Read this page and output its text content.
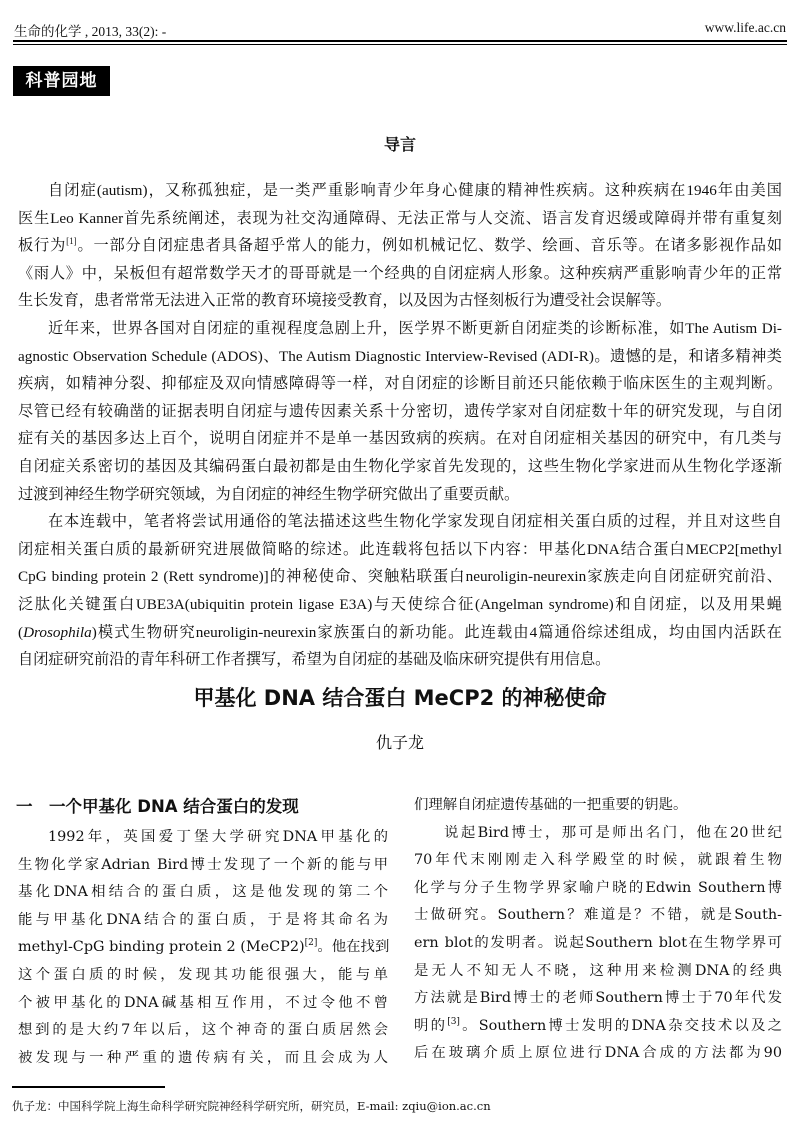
生命的化学 , 2013, 33(2): -	www.life.ac.cn
科普园地
导言
自闭症(autism)，又称孤独症，是一类严重影响青少年身心健康的精神性疾病。这种疾病在1946年由美国
医生Leo Kanner首先系统阐述，表现为社交沟通障碍、无法正常与人交流、语言发育迟缓或障碍并带有重复刻
板行为[1]。一部分自闭症患者具备超乎常人的能力，例如机械记忆、数学、绘画、音乐等。在诸多影视作品如
《雨人》中，呆板但有超常数学天才的哥哥就是一个经典的自闭症病人形象。这种疾病严重影响青少年的正常
生长发育，患者常常无法进入正常的教育环境接受教育，以及因为古怪刻板行为遭受社会误解等。
近年来，世界各国对自闭症的重视程度急剧上升，医学界不断更新自闭症类的诊断标准，如The Autism Di-
agnostic Observation Schedule (ADOS)、The Autism Diagnostic Interview-Revised (ADI-R)。遗憾的是，和诸多精神类
疾病，如精神分裂、抑郁症及双向情感障碍等一样，对自闭症的诊断目前还只能依赖于临床医生的主观判断。
尽管已经有较确凿的证据表明自闭症与遗传因素关系十分密切，遗传学家对自闭症数十年的研究发现，与自闭
症有关的基因多达上百个，说明自闭症并不是单一基因致病的疾病。在对自闭症相关基因的研究中，有几类与
自闭症关系密切的基因及其编码蛋白最初都是由生物化学家首先发现的，这些生物化学家进而从生物化学逐渐
过渡到神经生物学研究领域，为自闭症的神经生物学研究做出了重要贡献。
在本连载中，笔者将尝试用通俗的笔法描述这些生物化学家发现自闭症相关蛋白质的过程，并且对这些自
闭症相关蛋白质的最新研究进展做简略的综述。此连载将包括以下内容：甲基化DNA结合蛋白MECP2[methyl
CpG binding protein 2 (Rett syndrome)]的神秘使命、突触粘联蛋白neuroligin-neurexin家族走向自闭症研究前沿、
泛肽化关键蛋白UBE3A(ubiquitin protein ligase E3A)与天使综合征(Angelman syndrome)和自闭症，以及用果蝇
(Drosophila)模式生物研究neuroligin-neurexin家族蛋白的新功能。此连载由4篇通俗综述组成，均由国内活跃在
自闭症研究前沿的青年科研工作者撰写，希望为自闭症的基础及临床研究提供有用信息。
甲基化 DNA 结合蛋白 MeCP2 的神秘使命
仇子龙
一　一个甲基化 DNA 结合蛋白的发现
1992年，英国爱丁堡大学研究DNA甲基化的
生物化学家Adrian Bird博士发现了一个新的能与甲
基化DNA相结合的蛋白质，这是他发现的第二个
能与甲基化DNA结合的蛋白质，于是将其命名为
methyl-CpG binding protein 2 (MeCP2)[2]。他在找到
这个蛋白质的时候，发现其功能很强大，能与单
个被甲基化的DNA碱基相互作用，不过令他不曾
想到的是大约7年以后，这个神奇的蛋白质居然会
被发现与一种严重的遗传病有关，而且会成为人
们理解自闭症遗传基础的一把重要的钥匙。
说起Bird博士，那可是师出名门，他在20世纪
70年代末刚刚走入科学殿堂的时候，就跟着生物
化学与分子生物学界家喻户晓的Edwin Southern博
士做研究。Southern？难道是？不错，就是South-
ern blot的发明者。说起Southern blot在生物学界可
是无人不知无人不晓，这种用来检测DNA的经典
方法就是Bird博士的老师Southern博士于70年代发
明的[3]。Southern博士发明的DNA杂交技术以及之
后在玻璃介质上原位进行DNA合成的方法都为90
仇子龙：中国科学院上海生命科学研究院神经科学研究所，研究员，E-mail: zqiu@ion.ac.cn
